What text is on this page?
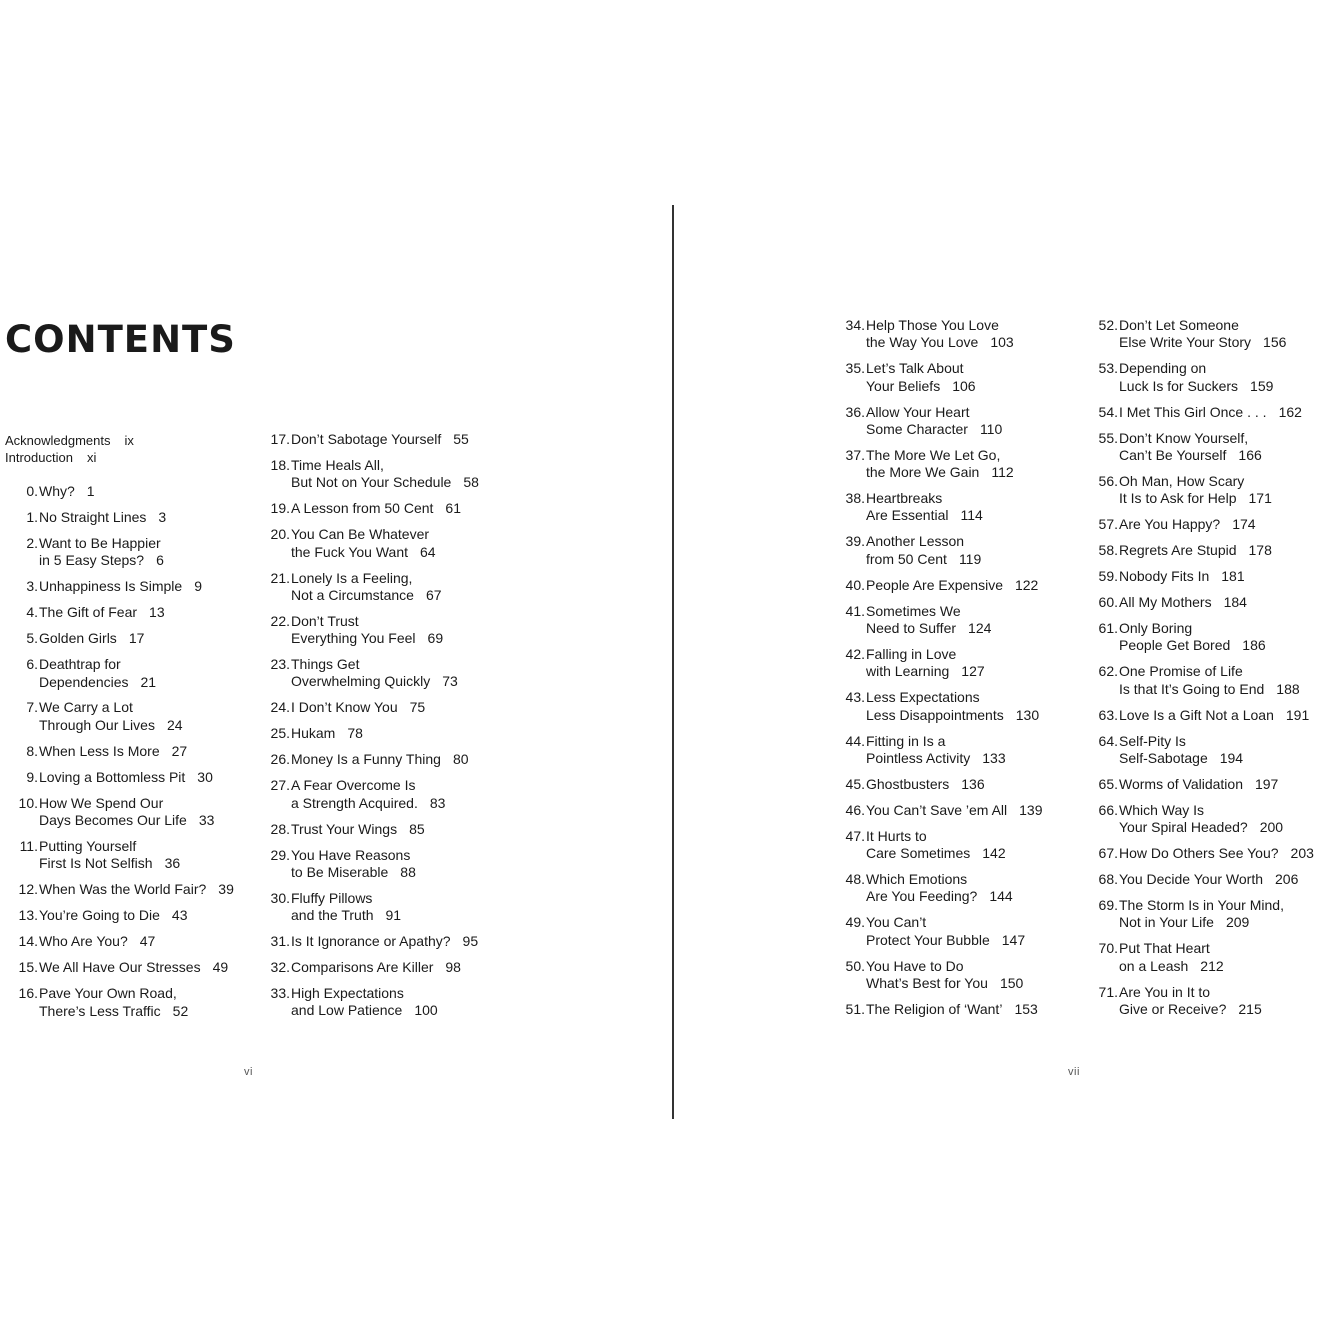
CONTENTS
Acknowledgments ix
Introduction xi
0. Why? 1
1. No Straight Lines 3
2. Want to Be Happier
in 5 Easy Steps? 6
3. Unhappiness Is Simple 9
4. The Gift of Fear 13
5. Golden Girls 17
6. Deathtrap for
Dependencies 21
7. We Carry a Lot
Through Our Lives 24
8. When Less Is More 27
9. Loving a Bottomless Pit 30
10. How We Spend Our
Days Becomes Our Life 33
11. Putting Yourself
First Is Not Selfish 36
12. When Was the World Fair? 39
13. You’re Going to Die 43
14. Who Are You? 47
15. We All Have Our Stresses 49
16. Pave Your Own Road,
There’s Less Traffic 52
17. Don’t Sabotage Yourself 55
18. Time Heals All,
But Not on Your Schedule 58
19. A Lesson from 50 Cent 61
20. You Can Be Whatever
the Fuck You Want 64
21. Lonely Is a Feeling,
Not a Circumstance 67
22. Don’t Trust
Everything You Feel 69
23. Things Get
Overwhelming Quickly 73
24. I Don’t Know You 75
25. Hukam 78
26. Money Is a Funny Thing 80
27. A Fear Overcome Is
a Strength Acquired. 83
28. Trust Your Wings 85
29. You Have Reasons
to Be Miserable 88
30. Fluffy Pillows
and the Truth 91
31. Is It Ignorance or Apathy? 95
32. Comparisons Are Killer 98
33. High Expectations
and Low Patience 100
vi
34. Help Those You Love
the Way You Love 103
35. Let’s Talk About
Your Beliefs 106
36. Allow Your Heart
Some Character 110
37. The More We Let Go,
the More We Gain 112
38. Heartbreaks
Are Essential 114
39. Another Lesson
from 50 Cent 119
40. People Are Expensive 122
41. Sometimes We
Need to Suffer 124
42. Falling in Love
with Learning 127
43. Less Expectations
Less Disappointments 130
44. Fitting in Is a
Pointless Activity 133
45. Ghostbusters 136
46. You Can’t Save ’em All 139
47. It Hurts to
Care Sometimes 142
48. Which Emotions
Are You Feeding? 144
49. You Can’t
Protect Your Bubble 147
50. You Have to Do
What’s Best for You 150
51. The Religion of ‘Want’ 153
52. Don’t Let Someone
Else Write Your Story 156
53. Depending on
Luck Is for Suckers 159
54. I Met This Girl Once . . . 162
55. Don’t Know Yourself,
Can’t Be Yourself 166
56. Oh Man, How Scary
It Is to Ask for Help 171
57. Are You Happy? 174
58. Regrets Are Stupid 178
59. Nobody Fits In 181
60. All My Mothers 184
61. Only Boring
People Get Bored 186
62. One Promise of Life
Is that It’s Going to End 188
63. Love Is a Gift Not a Loan 191
64. Self-Pity Is
Self-Sabotage 194
65. Worms of Validation 197
66. Which Way Is
Your Spiral Headed? 200
67. How Do Others See You? 203
68. You Decide Your Worth 206
69. The Storm Is in Your Mind,
Not in Your Life 209
70. Put That Heart
on a Leash 212
71. Are You in It to
Give or Receive? 215
vii
